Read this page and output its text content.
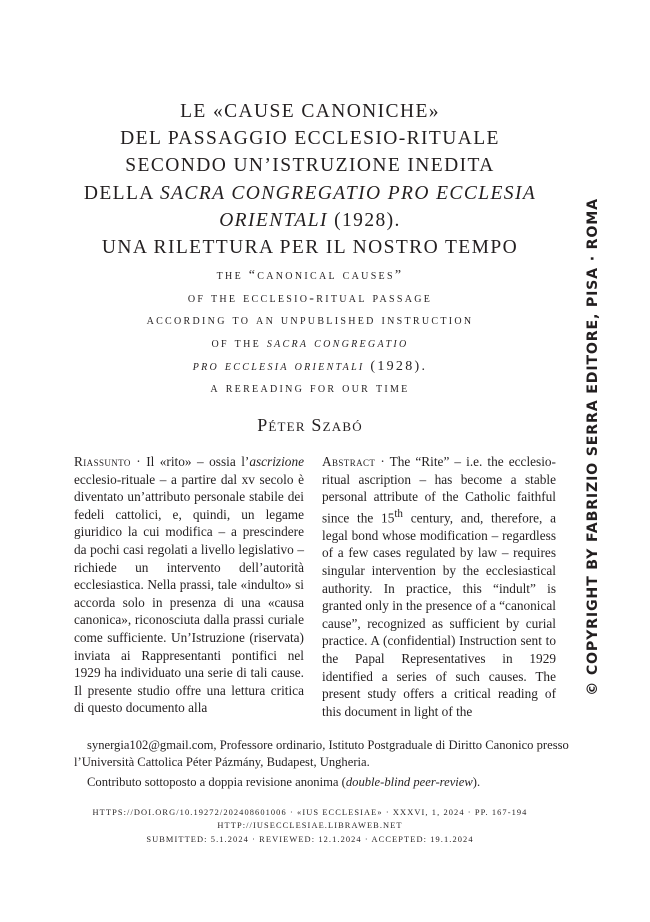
LE «CAUSE CANONICHE»
DEL PASSAGGIO ECCLESIO-RITUALE
SECONDO UN’ISTRUZIONE INEDITA
DELLA SACRA CONGREGATIO PRO ECCLESIA
ORIENTALI (1928).
UNA RILETTURA PER IL NOSTRO TEMPO
the “canonical causes”
of the ecclesio-ritual passage
according to an unpublished instruction
of the sacra congregatio
pro ecclesia orientali (1928).
a rereading for our time
Péter Szabó
Riassunto · Il «rito» – ossia l’ascrizione ecclesio-rituale – a partire dal xv secolo è diventato un’attributo personale stabile dei fedeli cattolici, e, quindi, un legame giuridico la cui modifica – a prescindere da pochi casi regolati a livello legislativo – richiede un intervento dell’autorità ecclesiastica. Nella prassi, tale «indulto» si accorda solo in presenza di una «causa canonica», riconosciuta dalla prassi curiale come sufficiente. Un’Istruzione (riservata) inviata ai Rappresentanti pontifici nel 1929 ha individuato una serie di tali cause. Il presente studio offre una lettura critica di questo documento alla
Abstract · The “Rite” – i.e. the ecclesio-ritual ascription – has become a stable personal attribute of the Catholic faithful since the 15th century, and, therefore, a legal bond whose modification – regardless of a few cases regulated by law – requires singular intervention by the ecclesiastical authority. In practice, this “indult” is granted only in the presence of a “canonical cause”, recognized as sufficient by curial practice. A (confidential) Instruction sent to the Papal Representatives in 1929 identified a series of such causes. The present study offers a critical reading of this document in light of the

synergia102@gmail.com, Professore ordinario, Istituto Postgraduale di Diritto Canonico presso l’Università Cattolica Péter Pázmány, Budapest, Ungheria.

Contributo sottoposto a doppia revisione anonima (double-blind peer-review).

HTTPS://DOI.ORG/10.19272/202408601006 · «IUS ECCLESIAE» · XXXVI, 1, 2024 · PP. 167-194
HTTP://IUSECCLESIAE.LIBRAWEB.NET
SUBMITTED: 5.1.2024 · REVIEWED: 12.1.2024 · ACCEPTED: 19.1.2024
© COPYRIGHT BY FABRIZIO SERRA EDITORE, PISA · ROMA
